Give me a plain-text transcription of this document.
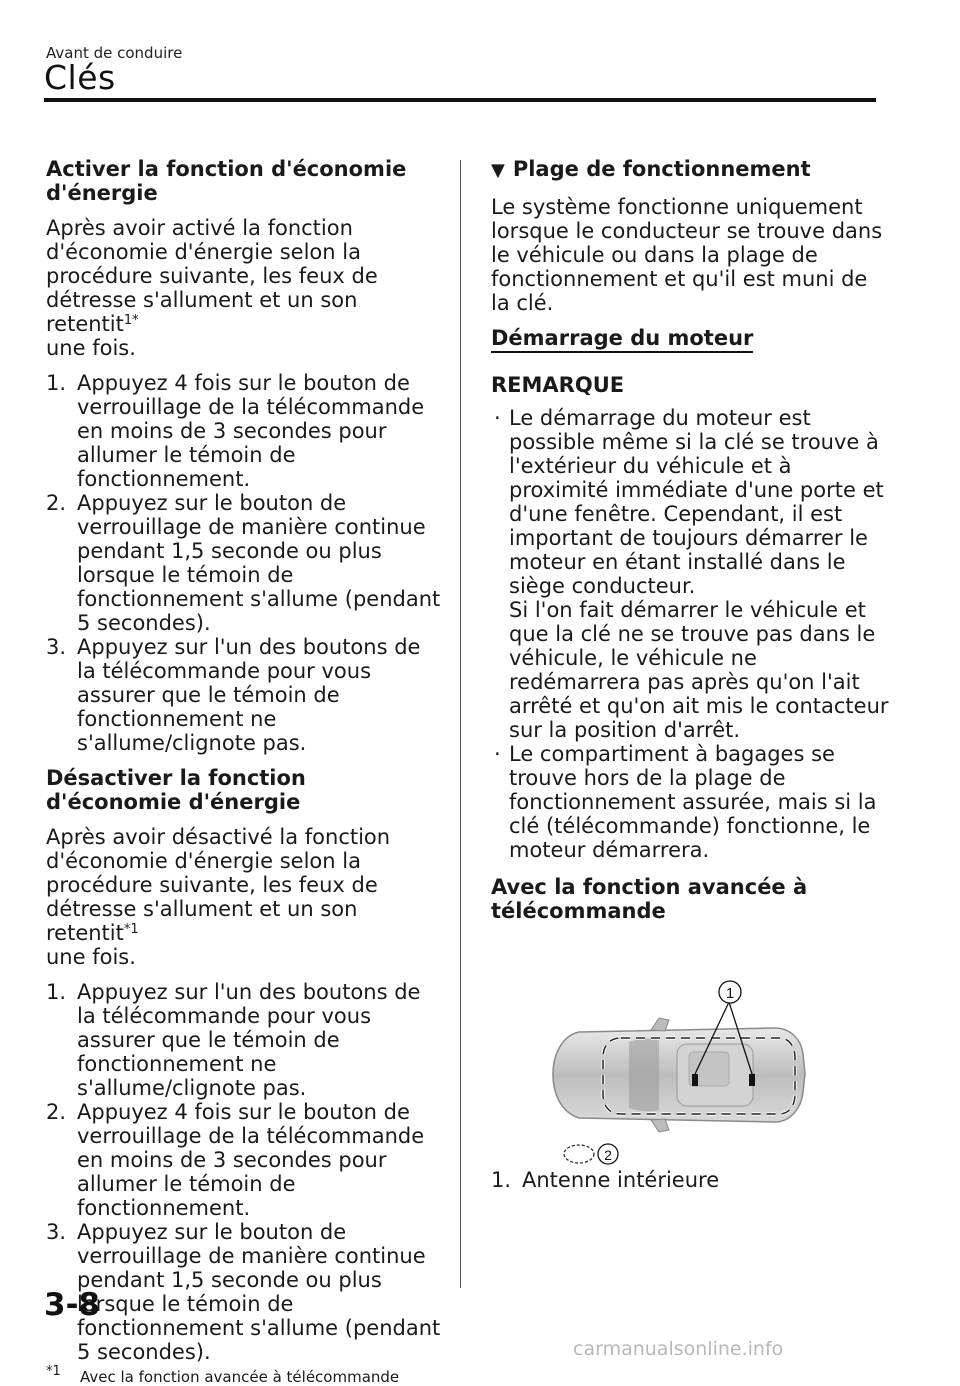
Avant de conduire
Clés
Activer la fonction d'économie d'énergie

Après avoir activé la fonction d'économie d'énergie selon la procédure suivante, les feux de détresse s'allument et un son retentit$^{1*}$
une fois.

1. Appuyez 4 fois sur le bouton de verrouillage de la télécommande en moins de 3 secondes pour allumer le témoin de fonctionnement.
2. Appuyez sur le bouton de verrouillage de manière continue pendant 1,5 seconde ou plus lorsque le témoin de fonctionnement s'allume (pendant 5 secondes).
3. Appuyez sur l'un des boutons de la télécommande pour vous assurer que le témoin de fonctionnement ne s'allume/clignote pas.
Désactiver la fonction d'économie d'énergie

Après avoir désactivé la fonction d'économie d'énergie selon la procédure suivante, les feux de détresse s'allument et un son retentit$^{*1}$
une fois.

1. Appuyez sur l'un des boutons de la télécommande pour vous assurer que le témoin de fonctionnement ne s'allume/clignote pas.
2. Appuyez 4 fois sur le bouton de verrouillage de la télécommande en moins de 3 secondes pour allumer le témoin de fonctionnement.
3. Appuyez sur le bouton de verrouillage de manière continue pendant 1,5 seconde ou plus lorsque le témoin de fonctionnement s'allume (pendant 5 secondes).
$^{*1}$ Avec la fonction avancée à télécommande
▼ Plage de fonctionnement

Le système fonctionne uniquement lorsque le conducteur se trouve dans le véhicule ou dans la plage de fonctionnement et qu'il est muni de la clé.

Démarrage du moteur
REMARQUE
· Le démarrage du moteur est possible même si la clé se trouve à l'extérieur du véhicule et à proximité immédiate d'une porte et d'une fenêtre. Cependant, il est important de toujours démarrer le moteur en étant installé dans le siège conducteur.
Si l'on fait démarrer le véhicule et que la clé ne se trouve pas dans le véhicule, le véhicule ne redémarrera pas après qu'on l'ait arrêté et qu'on ait mis le contacteur sur la position d'arrêt.
· Le compartiment à bagages se trouve hors de la plage de fonctionnement assurée, mais si la clé (télécommande) fonctionne, le moteur démarrera.
Avec la fonction avancée à télécommande
1
2
1. Antenne intérieure
3-8
carmanualsonline.info
